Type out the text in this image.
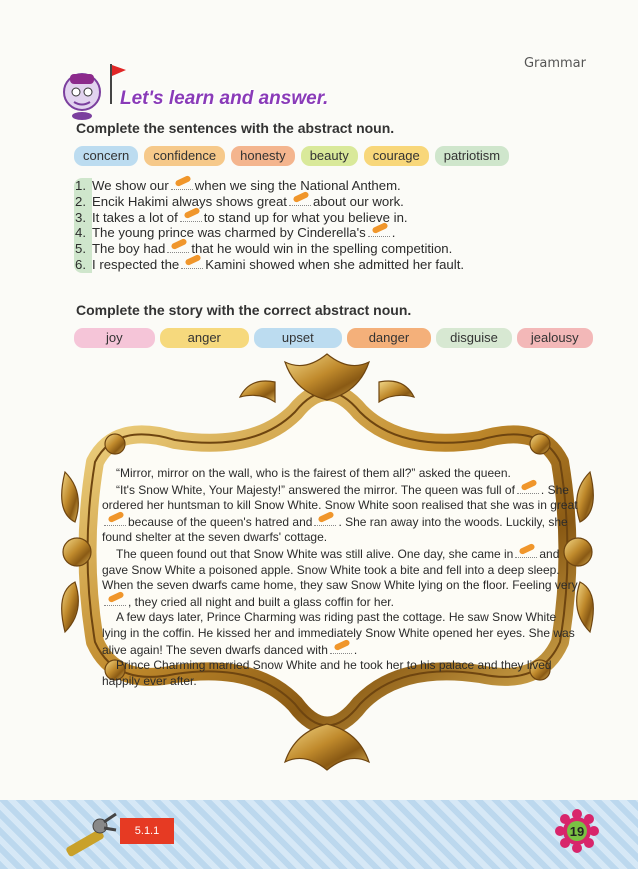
Grammar
Let's learn and answer.
Complete the sentences with the abstract noun.
concern	confidence	honesty	beauty	courage	patriotism
1. We show our when we sing the National Anthem.
2. Encik Hakimi always shows great about our work.
3. It takes a lot of to stand up for what you believe in.
4. The young prince was charmed by Cinderella's .
5. The boy had that he would win in the spelling competition.
6. I respected the Kamini showed when she admitted her fault.
Complete the story with the correct abstract noun.
joy	anger	upset	danger	disguise	jealousy

“Mirror, mirror on the wall, who is the fairest of them all?” asked the queen.

“It's Snow White, Your Majesty!” answered the mirror. The queen was full of . She ordered her huntsman to kill Snow White. Snow White soon realised that she was in greatbecause of the queen's hatred and . She ran away into the woods. Luckily, she found shelter at the seven dwarfs' cottage.

The queen found out that Snow White was still alive. One day, she came in and gave Snow White a poisoned apple. Snow White took a bite and fell into a deep sleep. When the seven dwarfs came home, they saw Snow White lying on the floor. Feeling very, they cried all night and built a glass coffin for her.

A few days later, Prince Charming was riding past the cottage. He saw Snow White lying in the coffin. He kissed her and immediately Snow White opened her eyes. She was alive again! The seven dwarfs danced with .

Prince Charming married Snow White and he took her to his palace and they lived happily ever after.

5.1.1	19
